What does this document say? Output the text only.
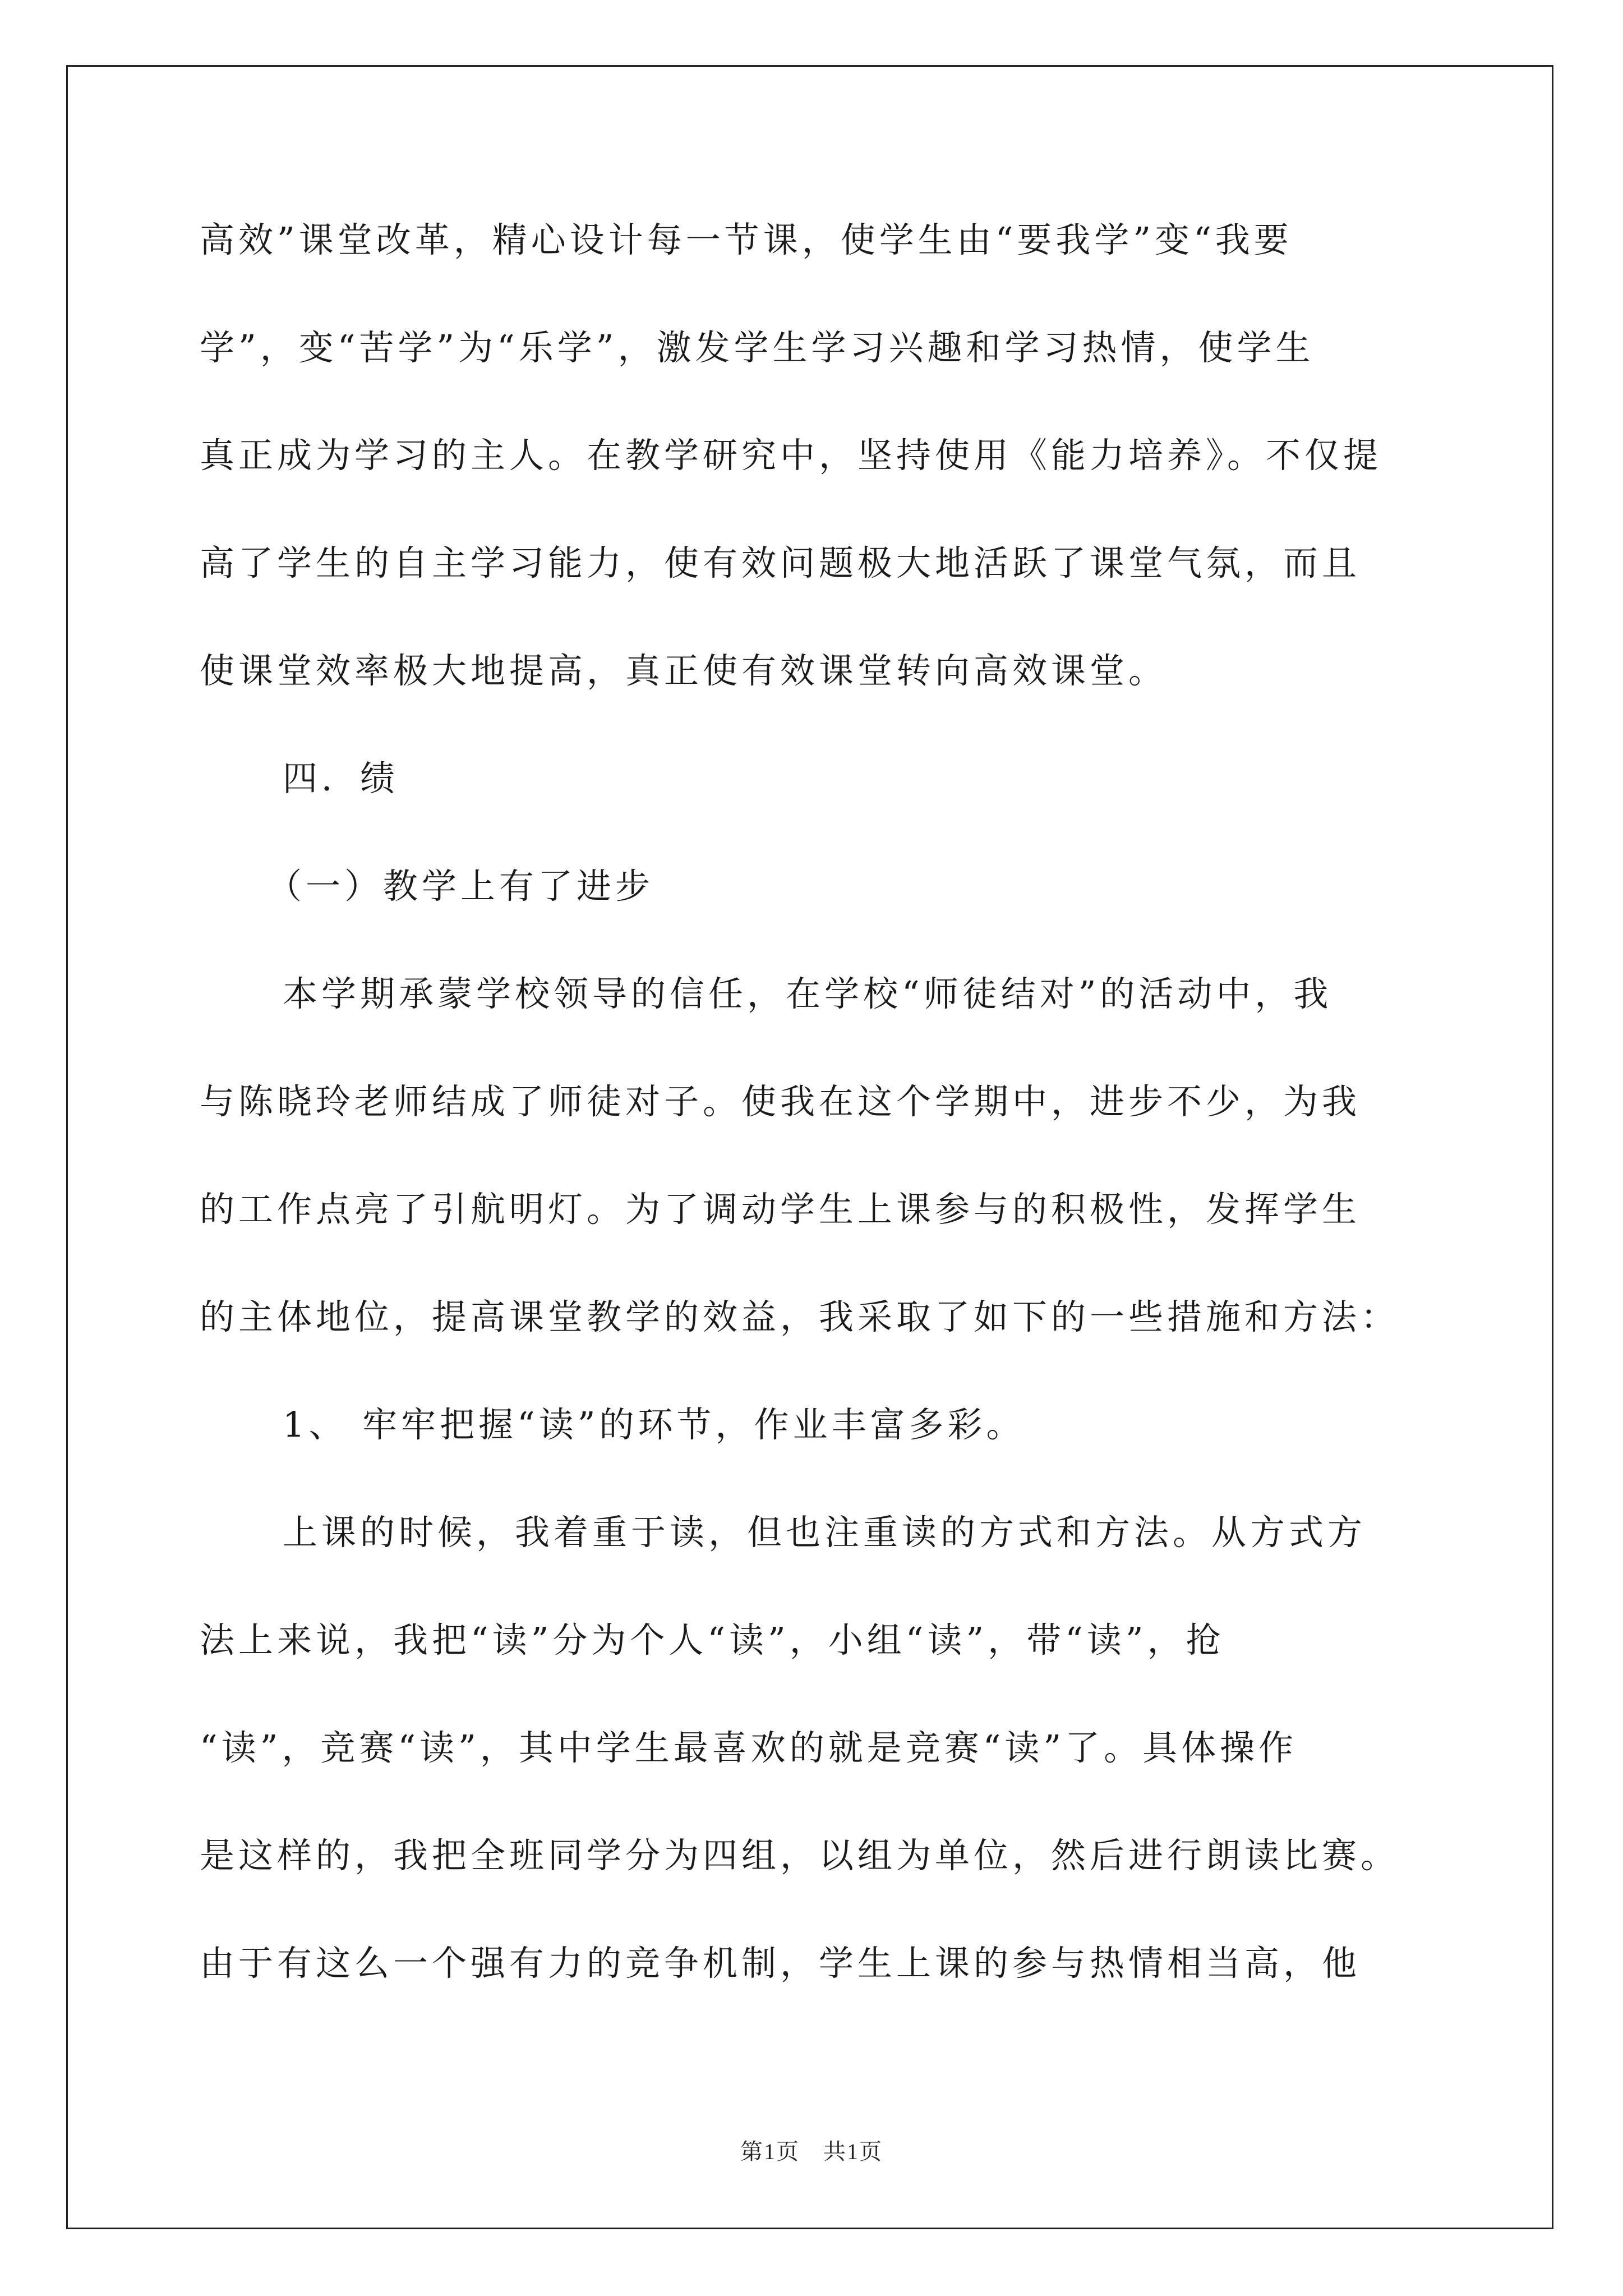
高效”课堂改革，精心设计每一节课，使学生由“要我学”变“我要
学”，变“苦学”为“乐学”，激发学生学习兴趣和学习热情，使学生
真正成为学习的主人。在教学研究中，坚持使用《能力培养》。不仅提
高了学生的自主学习能力，使有效问题极大地活跃了课堂气氛，而且
使课堂效率极大地提高，真正使有效课堂转向高效课堂。
四．绩
（一）教学上有了进步
本学期承蒙学校领导的信任，在学校“师徒结对”的活动中，我
与陈晓玲老师结成了师徒对子。使我在这个学期中，进步不少，为我
的工作点亮了引航明灯。为了调动学生上课参与的积极性，发挥学生
的主体地位，提高课堂教学的效益，我采取了如下的一些措施和方法：
1、 牢牢把握“读”的环节，作业丰富多彩。
上课的时候，我着重于读，但也注重读的方式和方法。从方式方
法上来说，我把“读”分为个人“读”，小组“读”，带“读”，抢
“读”，竞赛“读”，其中学生最喜欢的就是竞赛“读”了。具体操作
是这样的，我把全班同学分为四组，以组为单位，然后进行朗读比赛。
由于有这么一个强有力的竞争机制，学生上课的参与热情相当高，他
第1页　共1页
